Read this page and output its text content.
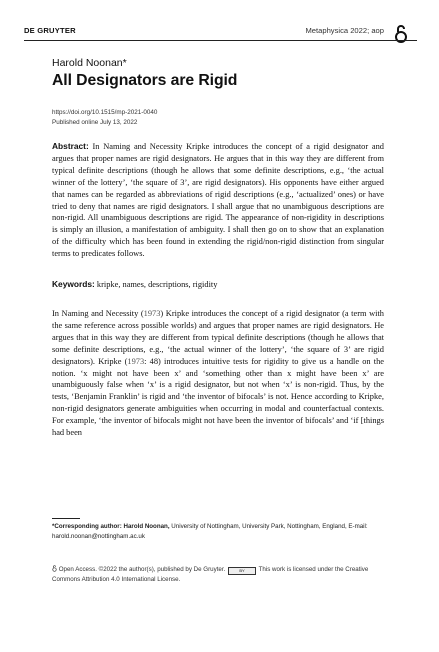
DE GRUYTER	Metaphysica 2022; aop
Harold Noonan*
All Designators are Rigid
https://doi.org/10.1515/mp-2021-0040
Published online July 13, 2022
Abstract: In Naming and Necessity Kripke introduces the concept of a rigid designator and argues that proper names are rigid designators. He argues that in this way they are different from typical definite descriptions (though he allows that some definite descriptions, e.g., ‘the actual winner of the lottery’, ‘the square of 3’, are rigid designators). His opponents have either argued that names can be regarded as abbreviations of rigid descriptions (e.g., ‘actualized’ ones) or have tried to deny that names are rigid designators. I shall argue that no unambiguous descriptions are non-rigid. All unambiguous descriptions are rigid. The appearance of non-rigidity in descriptions is simply an illusion, a manifestation of ambiguity. I shall then go on to show that an explanation of the difficulty which has been found in extending the rigid/non-rigid distinction from singular terms to predicates follows.
Keywords: kripke, names, descriptions, rigidity
In Naming and Necessity (1973) Kripke introduces the concept of a rigid designator (a term with the same reference across possible worlds) and argues that proper names are rigid designators. He argues that in this way they are different from typical definite descriptions (though he allows that some definite descriptions, e.g., ‘the actual winner of the lottery’, ‘the square of 3’ are rigid designators). Kripke (1973: 48) introduces intuitive tests for rigidity to give us a handle on the notion. ‘x might not have been x’ and ‘something other than x might have been x’ are unambiguously false when ‘x’ is a rigid designator, but not when ‘x’ is non-rigid. Thus, by the tests, ‘Benjamin Franklin’ is rigid and ‘the inventor of bifocals’ is not. Hence according to Kripke, non-rigid designators generate ambiguities when occurring in modal and counterfactual contexts. For example, ‘the inventor of bifocals might not have been the inventor of bifocals’ and ‘if [things had been
*Corresponding author: Harold Noonan, University of Nottingham, University Park, Nottingham, England, E-mail: harold.noonan@nottingham.ac.uk
Open Access. ©2022 the author(s), published by De Gruyter.	BY This work is licensed under the Creative Commons Attribution 4.0 International License.
